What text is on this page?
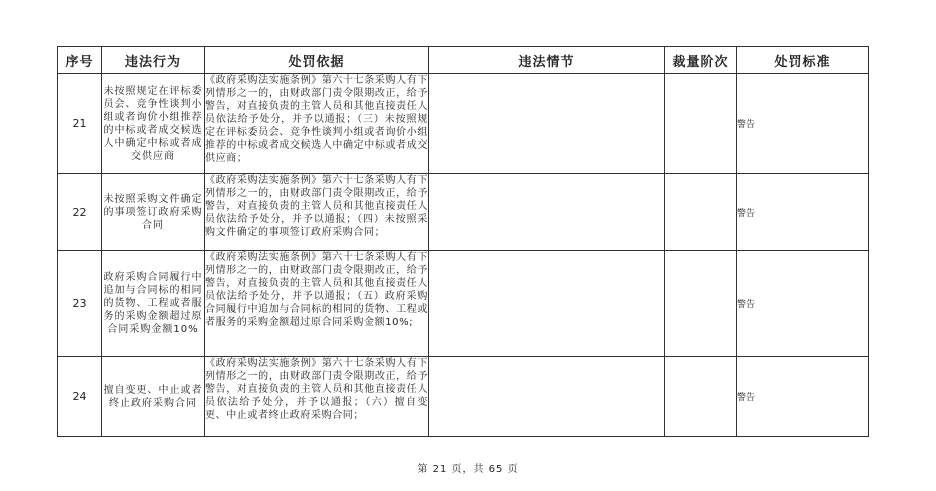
序号	违法行为	处罚依据	违法情节	裁量阶次	处罚标准
21	未按照规定在评标委员会、竞争性谈判小组或者询价小组推荐的中标或者成交候选人中确定中标或者成交供应商	《政府采购法实施条例》第六十七条采购人有下列情形之一的，由财政部门责令限期改正，给予警告，对直接负责的主管人员和其他直接责任人员依法给予处分，并予以通报；（三）未按照规定在评标委员会、竞争性谈判小组或者询价小组推荐的中标或者成交候选人中确定中标或者成交供应商；			警告
22	未按照采购文件确定的事项签订政府采购合同	《政府采购法实施条例》第六十七条采购人有下列情形之一的，由财政部门责令限期改正，给予警告，对直接负责的主管人员和其他直接责任人员依法给予处分，并予以通报；（四）未按照采购文件确定的事项签订政府采购合同；			警告
23	政府采购合同履行中追加与合同标的相同的货物、工程或者服务的采购金额超过原合同采购金额10%	《政府采购法实施条例》第六十七条采购人有下列情形之一的，由财政部门责令限期改正，给予警告，对直接负责的主管人员和其他直接责任人员依法给予处分，并予以通报；（五）政府采购合同履行中追加与合同标的相同的货物、工程或者服务的采购金额超过原合同采购金额10%;			警告
24	擅自变更、中止或者终止政府采购合同	《政府采购法实施条例》第六十七条采购人有下列情形之一的，由财政部门责令限期改正，给予警告，对直接负责的主管人员和其他直接责任人员依法给予处分，并予以通报；（六）擅自变更、中止或者终止政府采购合同；			警告
第 21 页，共 65 页
